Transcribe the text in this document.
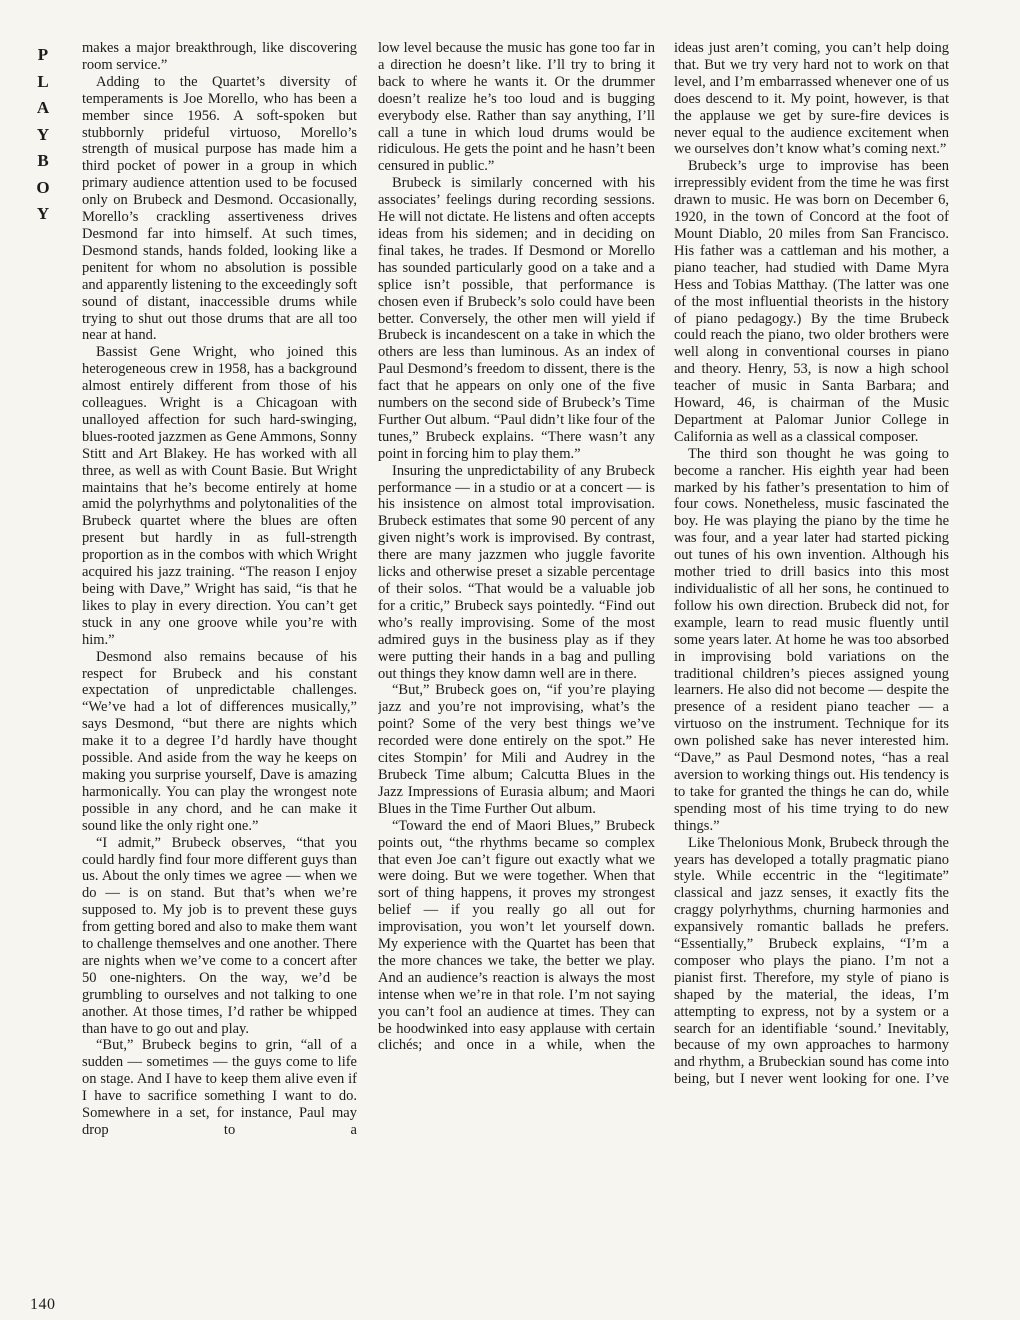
P
L
A
Y
B
O
Y
140

makes a major breakthrough, like discovering room service.”

Adding to the Quartet’s diversity of temperaments is Joe Morello, who has been a member since 1956. A soft-spoken but stubbornly prideful virtuoso, Morello’s strength of musical purpose has made him a third pocket of power in a group in which primary audience attention used to be focused only on Brubeck and Desmond. Occasionally, Morello’s crackling assertiveness drives Desmond far into himself. At such times, Desmond stands, hands folded, looking like a penitent for whom no absolution is possible and apparently listening to the exceedingly soft sound of distant, inaccessible drums while trying to shut out those drums that are all too near at hand.

Bassist Gene Wright, who joined this heterogeneous crew in 1958, has a background almost entirely different from those of his colleagues. Wright is a Chicagoan with unalloyed affection for such hard-swinging, blues-rooted jazzmen as Gene Ammons, Sonny Stitt and Art Blakey. He has worked with all three, as well as with Count Basie. But Wright maintains that he’s become entirely at home amid the polyrhythms and polytonalities of the Brubeck quartet where the blues are often present but hardly in as full-strength proportion as in the combos with which Wright acquired his jazz training. “The reason I enjoy being with Dave,” Wright has said, “is that he likes to play in every direction. You can’t get stuck in any one groove while you’re with him.”

Desmond also remains because of his respect for Brubeck and his constant expectation of unpredictable challenges. “We’ve had a lot of differences musically,” says Desmond, “but there are nights which make it to a degree I’d hardly have thought possible. And aside from the way he keeps on making you surprise yourself, Dave is amazing harmonically. You can play the wrongest note possible in any chord, and he can make it sound like the only right one.”

“I admit,” Brubeck observes, “that you could hardly find four more different guys than us. About the only times we agree — when we do — is on stand. But that’s when we’re supposed to. My job is to prevent these guys from getting bored and also to make them want to challenge themselves and one another. There are nights when we’ve come to a concert after 50 one-nighters. On the way, we’d be grumbling to ourselves and not talking to one another. At those times, I’d rather be whipped than have to go out and play.

“But,” Brubeck begins to grin, “all of a sudden — sometimes — the guys come to life on stage. And I have to keep them alive even if I have to sacrifice something I want to do. Somewhere in a set, for instance, Paul may drop to a

low level because the music has gone too far in a direction he doesn’t like. I’ll try to bring it back to where he wants it. Or the drummer doesn’t realize he’s too loud and is bugging everybody else. Rather than say anything, I’ll call a tune in which loud drums would be ridiculous. He gets the point and he hasn’t been censured in public.”

Brubeck is similarly concerned with his associates’ feelings during recording sessions. He will not dictate. He listens and often accepts ideas from his sidemen; and in deciding on final takes, he trades. If Desmond or Morello has sounded particularly good on a take and a splice isn’t possible, that performance is chosen even if Brubeck’s solo could have been better. Conversely, the other men will yield if Brubeck is incandescent on a take in which the others are less than luminous. As an index of Paul Desmond’s freedom to dissent, there is the fact that he appears on only one of the five numbers on the second side of Brubeck’s Time Further Out album. “Paul didn’t like four of the tunes,” Brubeck explains. “There wasn’t any point in forcing him to play them.”

Insuring the unpredictability of any Brubeck performance — in a studio or at a concert — is his insistence on almost total improvisation. Brubeck estimates that some 90 percent of any given night’s work is improvised. By contrast, there are many jazzmen who juggle favorite licks and otherwise preset a sizable percentage of their solos. “That would be a valuable job for a critic,” Brubeck says pointedly. “Find out who’s really improvising. Some of the most admired guys in the business play as if they were putting their hands in a bag and pulling out things they know damn well are in there.

“But,” Brubeck goes on, “if you’re playing jazz and you’re not improvising, what’s the point? Some of the very best things we’ve recorded were done entirely on the spot.” He cites Stompin’ for Mili and Audrey in the Brubeck Time album; Calcutta Blues in the Jazz Impressions of Eurasia album; and Maori Blues in the Time Further Out album.

“Toward the end of Maori Blues,” Brubeck points out, “the rhythms became so complex that even Joe can’t figure out exactly what we were doing. But we were together. When that sort of thing happens, it proves my strongest belief — if you really go all out for improvisation, you won’t let yourself down. My experience with the Quartet has been that the more chances we take, the better we play. And an audience’s reaction is always the most intense when we’re in that role. I’m not saying you can’t fool an audience at times. They can be hoodwinked into easy applause with certain clichés; and once in a while, when the

ideas just aren’t coming, you can’t help doing that. But we try very hard not to work on that level, and I’m embarrassed whenever one of us does descend to it. My point, however, is that the applause we get by sure-fire devices is never equal to the audience excitement when we ourselves don’t know what’s coming next.”

Brubeck’s urge to improvise has been irrepressibly evident from the time he was first drawn to music. He was born on December 6, 1920, in the town of Concord at the foot of Mount Diablo, 20 miles from San Francisco. His father was a cattleman and his mother, a piano teacher, had studied with Dame Myra Hess and Tobias Matthay. (The latter was one of the most influential theorists in the history of piano pedagogy.) By the time Brubeck could reach the piano, two older brothers were well along in conventional courses in piano and theory. Henry, 53, is now a high school teacher of music in Santa Barbara; and Howard, 46, is chairman of the Music Department at Palomar Junior College in California as well as a classical composer.

The third son thought he was going to become a rancher. His eighth year had been marked by his father’s presentation to him of four cows. Nonetheless, music fascinated the boy. He was playing the piano by the time he was four, and a year later had started picking out tunes of his own invention. Although his mother tried to drill basics into this most individualistic of all her sons, he continued to follow his own direction. Brubeck did not, for example, learn to read music fluently until some years later. At home he was too absorbed in improvising bold variations on the traditional children’s pieces assigned young learners. He also did not become — despite the presence of a resident piano teacher — a virtuoso on the instrument. Technique for its own polished sake has never interested him. “Dave,” as Paul Desmond notes, “has a real aversion to working things out. His tendency is to take for granted the things he can do, while spending most of his time trying to do new things.”

Like Thelonious Monk, Brubeck through the years has developed a totally pragmatic piano style. While eccentric in the “legitimate” classical and jazz senses, it exactly fits the craggy polyrhythms, churning harmonies and expansively romantic ballads he prefers. “Essentially,” Brubeck explains, “I’m a composer who plays the piano. I’m not a pianist first. Therefore, my style of piano is shaped by the material, the ideas, I’m attempting to express, not by a system or a search for an identifiable ‘sound.’ Inevitably, because of my own approaches to harmony and rhythm, a Brubeckian sound has come into being, but I never went looking for one. I’ve
